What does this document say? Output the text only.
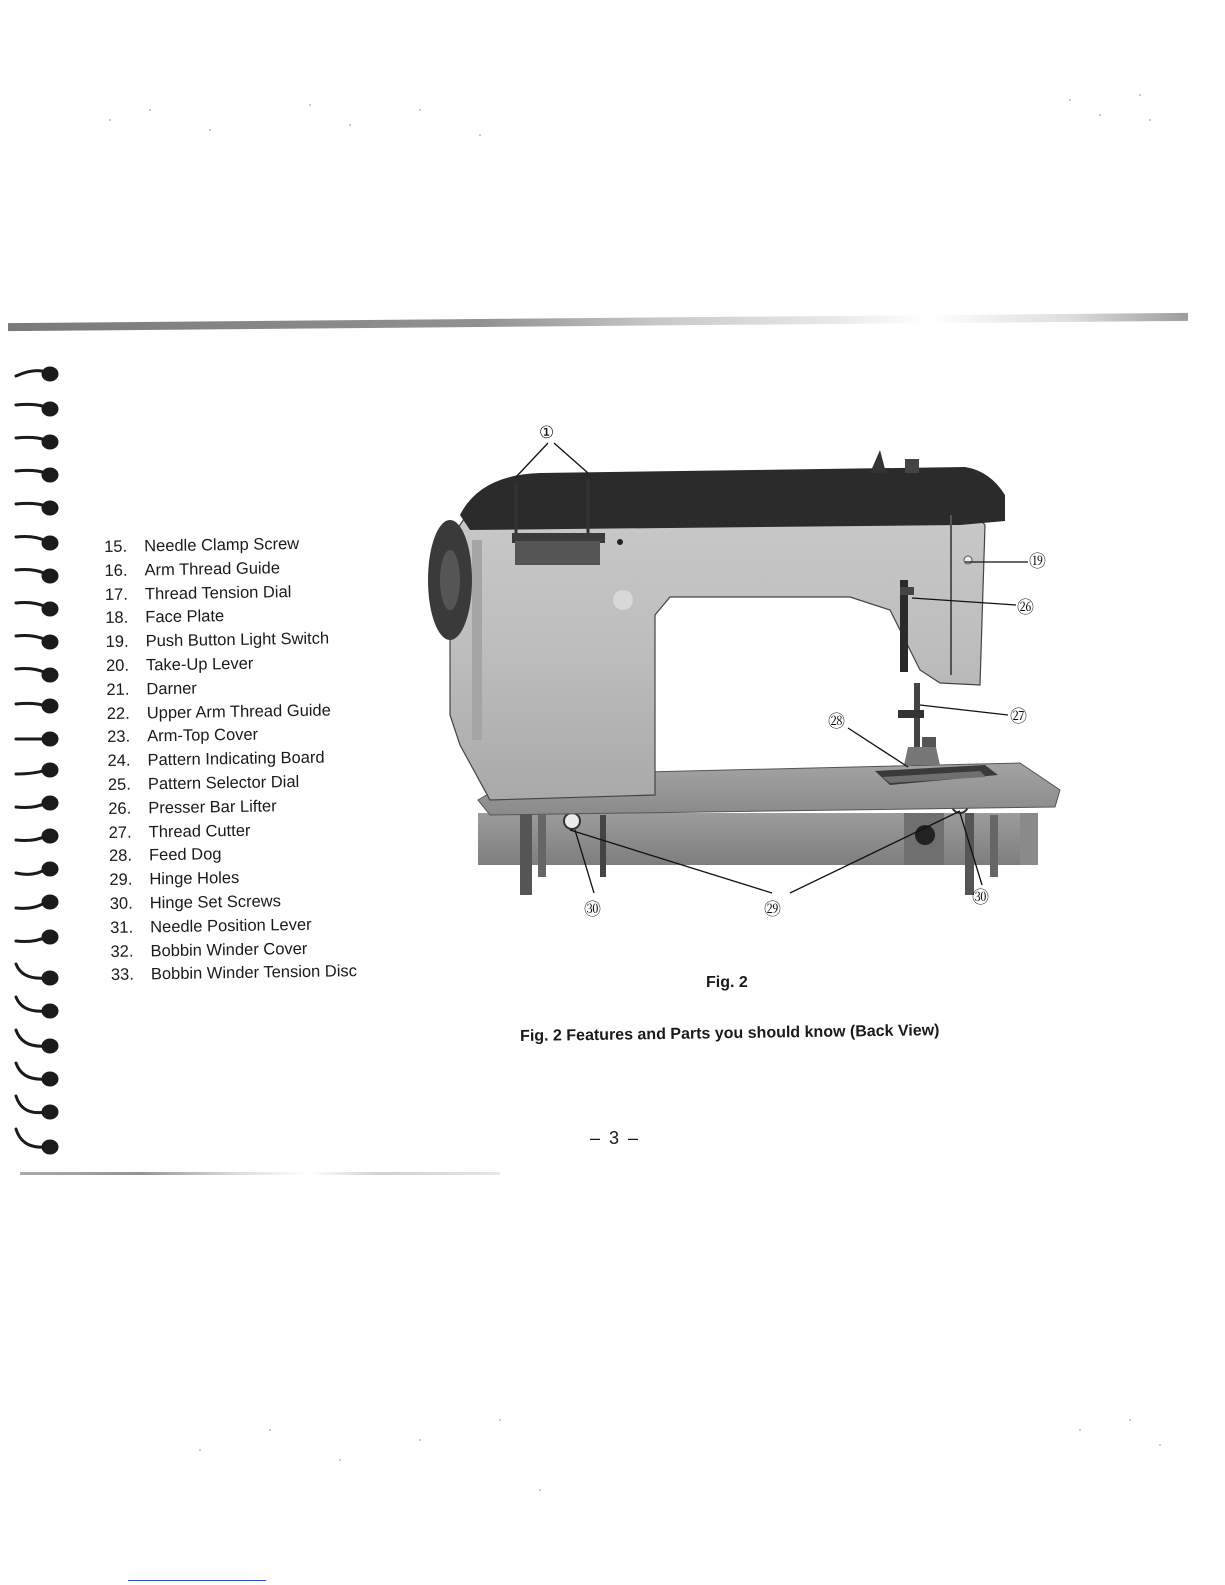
15. Needle Clamp Screw
16. Arm Thread Guide
17. Thread Tension Dial
18. Face Plate
19. Push Button Light Switch
20. Take-Up Lever
21. Darner
22. Upper Arm Thread Guide
23. Arm-Top Cover
24. Pattern Indicating Board
25. Pattern Selector Dial
26. Presser Bar Lifter
27. Thread Cutter
28. Feed Dog
29. Hinge Holes
30. Hinge Set Screws
31. Needle Position Lever
32. Bobbin Winder Cover
33. Bobbin Winder Tension Disc
①
⑲
㉖
㉗
㉘
㉙
㉚
㉚
Fig. 2
Fig. 2 Features and Parts you should know (Back View)
– 3 –
